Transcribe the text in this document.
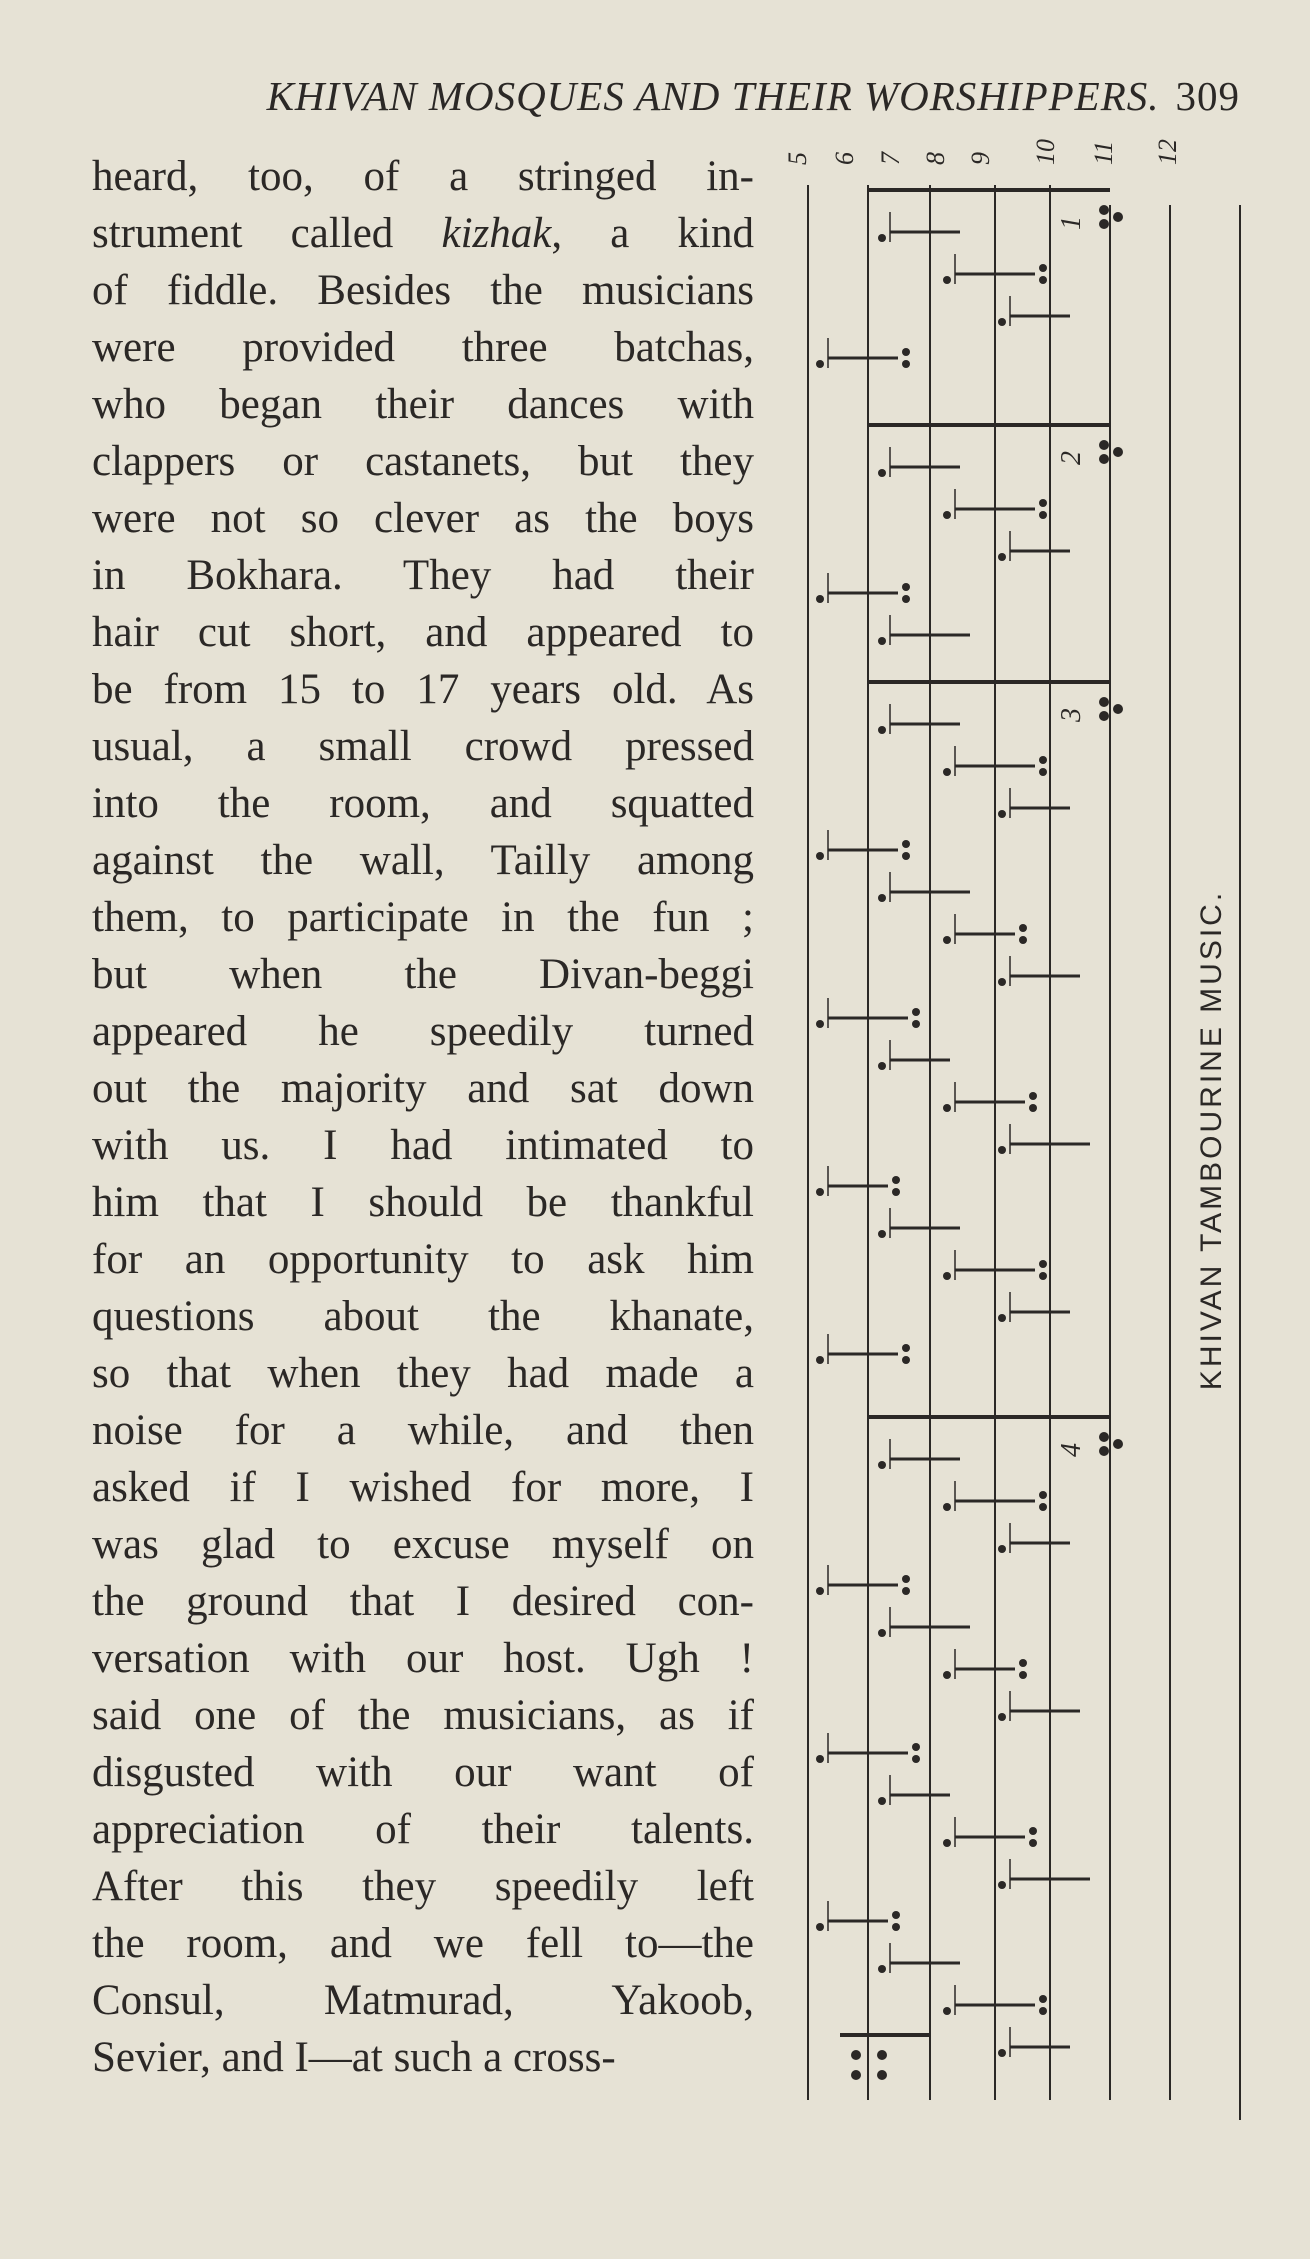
KHIVAN MOSQUES AND THEIR WORSHIPPERS. 309
heard, too, of a stringed in-
strument called kizhak, a kind
of fiddle. Besides the musicians
were provided three batchas,
who began their dances with
clappers or castanets, but they
were not so clever as the boys
in Bokhara. They had their
hair cut short, and appeared to
be from 15 to 17 years old. As
usual, a small crowd pressed
into the room, and squatted
against the wall, Tailly among
them, to participate in the fun ;
but when the Divan-beggi
appeared he speedily turned
out the majority and sat down
with us. I had intimated to
him that I should be thankful
for an opportunity to ask him
questions about the khanate,
so that when they had made a
noise for a while, and then
asked if I wished for more, I
was glad to excuse myself on
the ground that I desired con-
versation with our host. Ugh !
said one of the musicians, as if
disgusted with our want of
appreciation of their talents.
After this they speedily left
the room, and we fell to—the
Consul, Matmurad, Yakoob,
Sevier, and I—at such a cross-
KHIVAN TAMBOURINE MUSIC.
5 6 7 8 9 10 11 12
1
2
3
4
